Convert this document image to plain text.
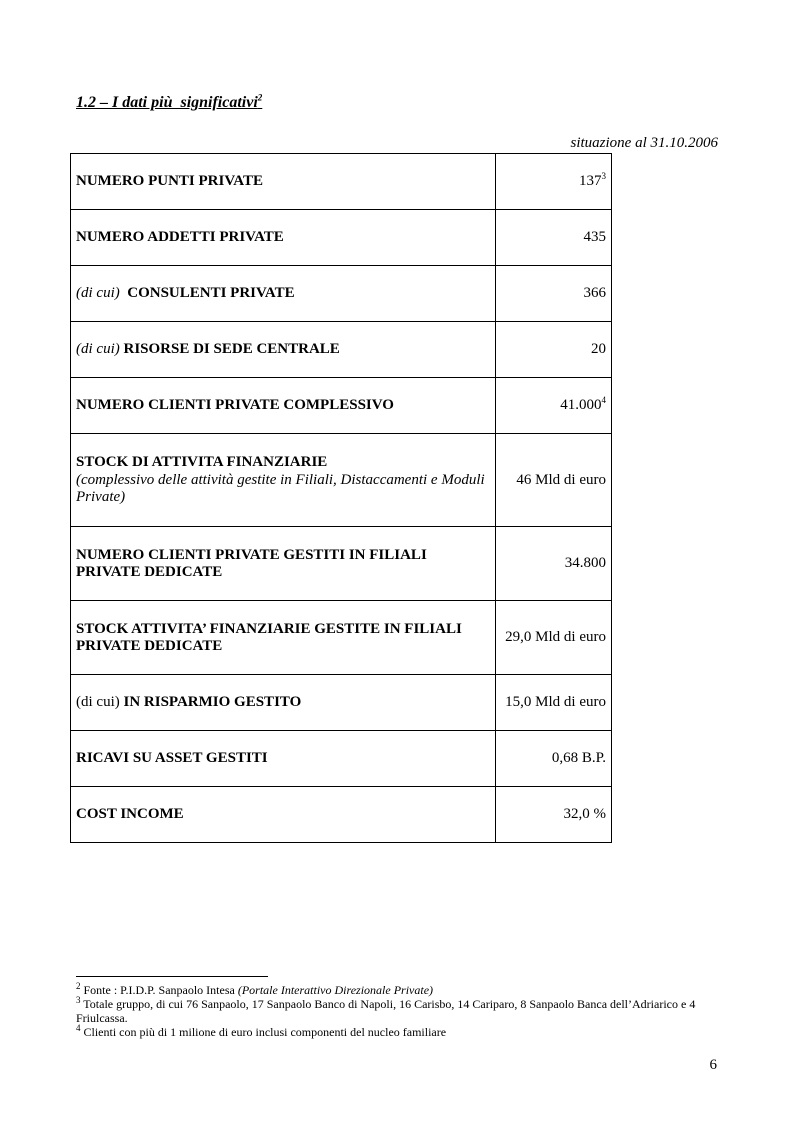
1.2 – I dati più  significativi$^2$
situazione al 31.10.2006
NUMERO PUNTI PRIVATE	$137^3$
NUMERO ADDETTI PRIVATE	435
(di cui) CONSULENTI PRIVATE	366
(di cui) RISORSE DI SEDE CENTRALE	20
NUMERO CLIENTI PRIVATE COMPLESSIVO	41.000$^4$
STOCK DI ATTIVITA FINANZIARIE
(complessivo delle attività gestite in Filiali, Distaccamenti e Moduli Private)	46 Mld di euro
NUMERO CLIENTI PRIVATE GESTITI IN FILIALI PRIVATE DEDICATE	34.800
STOCK ATTIVITA’ FINANZIARIE GESTITE IN FILIALI PRIVATE DEDICATE	29,0 Mld di euro
(di cui) IN RISPARMIO GESTITO	15,0 Mld di euro
RICAVI SU ASSET GESTITI	0,68 B.P.
COST INCOME	32,0 %

$^2$ Fonte : P.I.D.P. Sanpaolo Intesa (Portale Interattivo Direzionale Private)

$^3$ Totale gruppo, di cui 76 Sanpaolo, 17 Sanpaolo Banco di Napoli, 16 Carisbo, 14 Cariparo, 8 Sanpaolo Banca dell’Adriarico e 4 Friulcassa.

$^4$ Clienti con più di 1 milione di euro inclusi componenti del nucleo familiare

6
